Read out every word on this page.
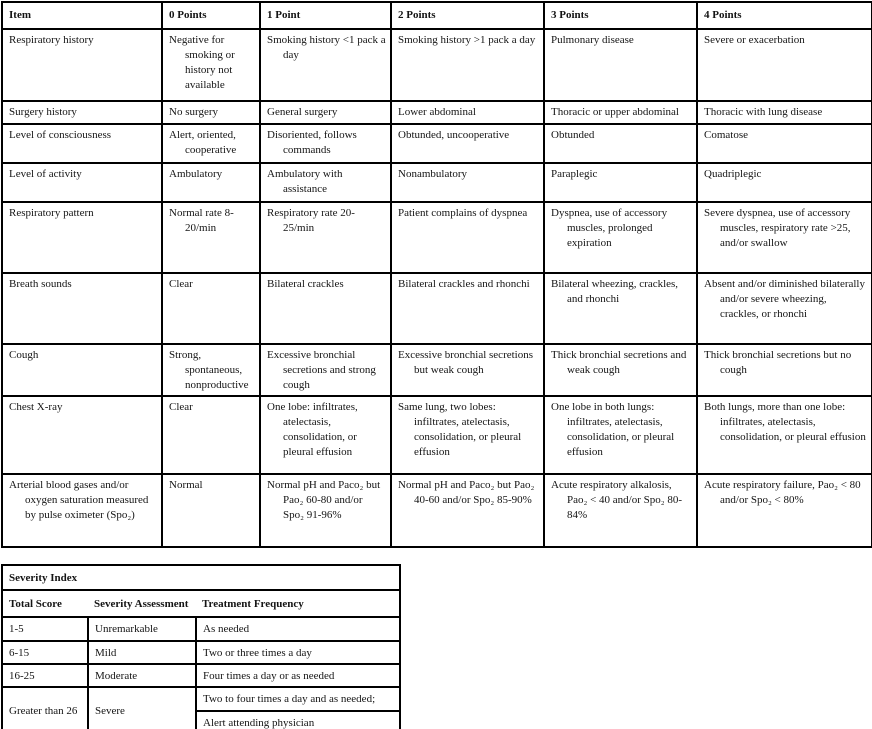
Item	0 Points	1 Point	2 Points	3 Points	4 Points
Respiratory history	Negative for smoking or history not available	Smoking history <1 pack a day	Smoking history >1 pack a day	Pulmonary disease	Severe or exacerbation
Surgery history	No surgery	General surgery	Lower abdominal	Thoracic or upper abdominal	Thoracic with lung disease
Level of consciousness	Alert, oriented, cooperative	Disoriented, follows commands	Obtunded, uncooperative	Obtunded	Comatose
Level of activity	Ambulatory	Ambulatory with assistance	Nonambulatory	Paraplegic	Quadriplegic
Respiratory pattern	Normal rate 8-20/min	Respiratory rate 20-25/min	Patient complains of dyspnea	Dyspnea, use of accessory muscles, prolonged expiration	Severe dyspnea, use of accessory muscles, respiratory rate >25, and/or swallow
Breath sounds	Clear	Bilateral crackles	Bilateral crackles and rhonchi	Bilateral wheezing, crackles, and rhonchi	Absent and/or diminished bilaterally and/or severe wheezing, crackles, or rhonchi
Cough	Strong, spontaneous, nonproductive	Excessive bronchial secretions and strong cough	Excessive bronchial secretions but weak cough	Thick bronchial secretions and weak cough	Thick bronchial secretions but no cough
Chest X-ray	Clear	One lobe: infiltrates, atelectasis, consolidation, or pleural effusion	Same lung, two lobes: infiltrates, atelectasis, consolidation, or pleural effusion	One lobe in both lungs: infiltrates, atelectasis, consolidation, or pleural effusion	Both lungs, more than one lobe: infiltrates, atelectasis, consolidation, or pleural effusion
Arterial blood gases and/or oxygen saturation measured by pulse oximeter (Spo₂)	Normal	Normal pH and Paco₂ but Pao₂ 60-80 and/or Spo₂ 91-96%	Normal pH and Paco₂ but Pao₂ 40-60 and/or Spo₂ 85-90%	Acute respiratory alkalosis, Pao₂ < 40 and/or Spo₂ 80-84%	Acute respiratory failure, Pao₂ < 80 and/or Spo₂ < 80%
Severity Index		
Total Score	Severity Assessment	Treatment Frequency
1-5	Unremarkable	As needed
6-15	Mild	Two or three times a day
16-25	Moderate	Four times a day or as needed
Greater than 26	Severe	Two to four times a day and as needed;
		Alert attending physician
